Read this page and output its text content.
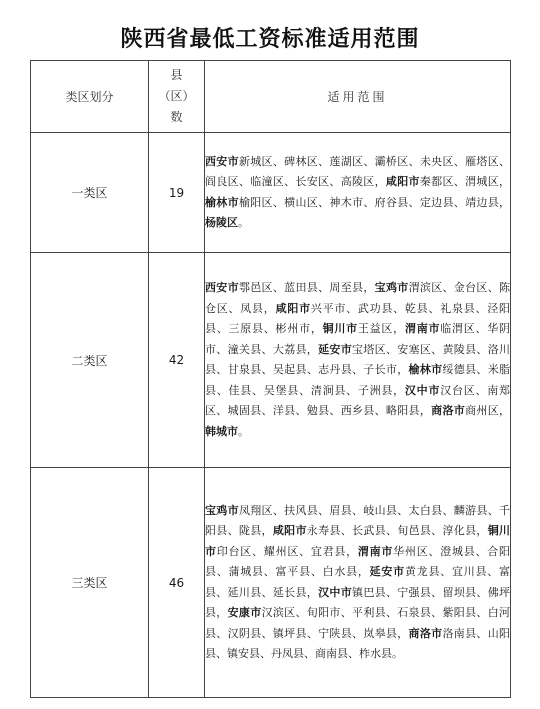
陕西省最低工资标准适用范围
类区划分	县
（区）
数	适用范围
一类区	19	西安市新城区、碑林区、莲湖区、灞桥区、未央区、雁塔区、阎良区、临潼区、长安区、高陵区，咸阳市秦都区、渭城区，榆林市榆阳区、横山区、神木市、府谷县、定边县、靖边县，杨陵区。
二类区	42	西安市鄠邑区、蓝田县、周至县，宝鸡市渭滨区、金台区、陈仓区、凤县，咸阳市兴平市、武功县、乾县、礼泉县、泾阳县、三原县、彬州市，铜川市王益区，渭南市临渭区、华阴市、潼关县、大荔县，延安市宝塔区、安塞区、黄陵县、洛川县、甘泉县、吴起县、志丹县、子长市，榆林市绥德县、米脂县、佳县、吴堡县、清涧县、子洲县，汉中市汉台区、南郑区、城固县、洋县、勉县、西乡县、略阳县，商洛市商州区，韩城市。
三类区	46	宝鸡市凤翔区、扶风县、眉县、岐山县、太白县、麟游县、千阳县、陇县，咸阳市永寿县、长武县、旬邑县、淳化县，铜川市印台区、耀州区、宜君县，渭南市华州区、澄城县、合阳县、蒲城县、富平县、白水县，延安市黄龙县、宜川县、富县、延川县、延长县，汉中市镇巴县、宁强县、留坝县、佛坪县，安康市汉滨区、旬阳市、平利县、石泉县、紫阳县、白河县、汉阴县、镇坪县、宁陕县、岚皋县，商洛市洛南县、山阳县、镇安县、丹凤县、商南县、柞水县。
